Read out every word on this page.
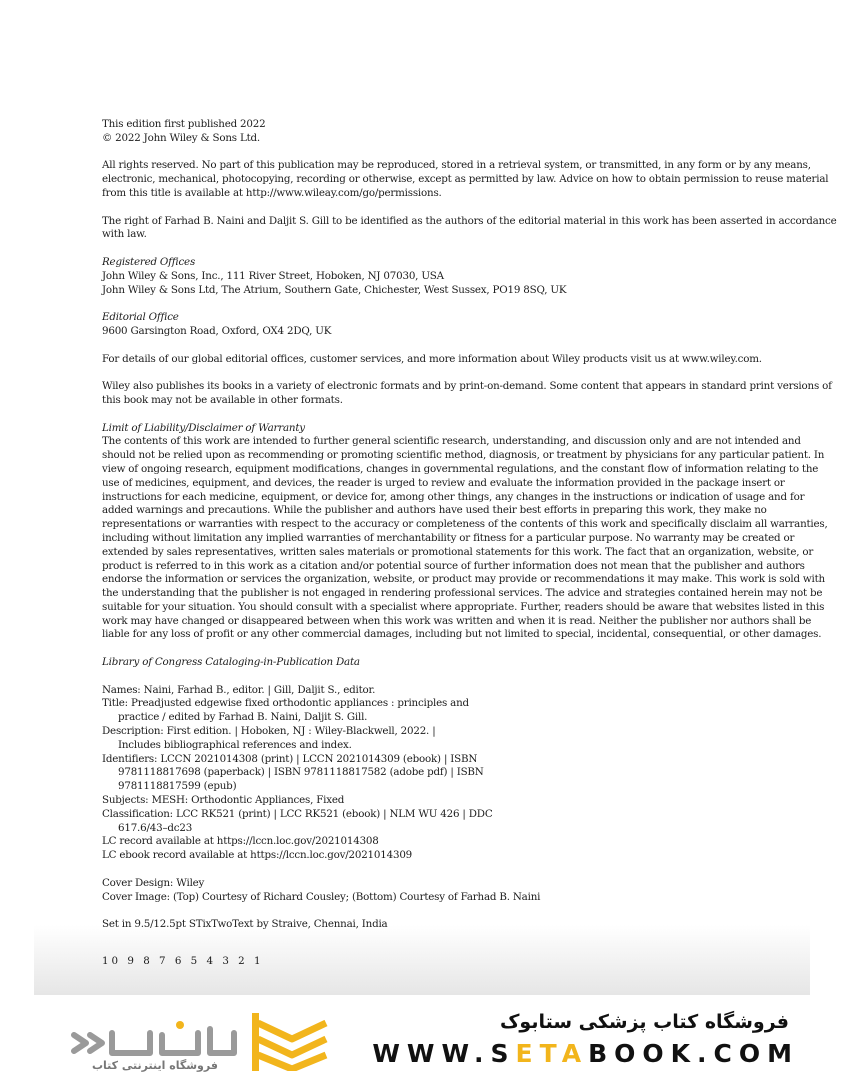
This edition first published 2022
© 2022 John Wiley & Sons Ltd.
All rights reserved. No part of this publication may be reproduced, stored in a retrieval system, or transmitted, in any form or by any means,
electronic, mechanical, photocopying, recording or otherwise, except as permitted by law. Advice on how to obtain permission to reuse material
from this title is available at http://www.wileay.com/go/permissions.
The right of Farhad B. Naini and Daljit S. Gill to be identified as the authors of the editorial material in this work has been asserted in accordance
with law.
Registered Offices
John Wiley & Sons, Inc., 111 River Street, Hoboken, NJ 07030, USA
John Wiley & Sons Ltd, The Atrium, Southern Gate, Chichester, West Sussex, PO19 8SQ, UK
Editorial Office
9600 Garsington Road, Oxford, OX4 2DQ, UK
For details of our global editorial offices, customer services, and more information about Wiley products visit us at www.wiley.com.
Wiley also publishes its books in a variety of electronic formats and by print-on-demand. Some content that appears in standard print versions of
this book may not be available in other formats.
Limit of Liability/Disclaimer of Warranty
The contents of this work are intended to further general scientific research, understanding, and discussion only and are not intended and
should not be relied upon as recommending or promoting scientific method, diagnosis, or treatment by physicians for any particular patient. In
view of ongoing research, equipment modifications, changes in governmental regulations, and the constant flow of information relating to the
use of medicines, equipment, and devices, the reader is urged to review and evaluate the information provided in the package insert or
instructions for each medicine, equipment, or device for, among other things, any changes in the instructions or indication of usage and for
added warnings and precautions. While the publisher and authors have used their best efforts in preparing this work, they make no
representations or warranties with respect to the accuracy or completeness of the contents of this work and specifically disclaim all warranties,
including without limitation any implied warranties of merchantability or fitness for a particular purpose. No warranty may be created or
extended by sales representatives, written sales materials or promotional statements for this work. The fact that an organization, website, or
product is referred to in this work as a citation and/or potential source of further information does not mean that the publisher and authors
endorse the information or services the organization, website, or product may provide or recommendations it may make. This work is sold with
the understanding that the publisher is not engaged in rendering professional services. The advice and strategies contained herein may not be
suitable for your situation. You should consult with a specialist where appropriate. Further, readers should be aware that websites listed in this
work may have changed or disappeared between when this work was written and when it is read. Neither the publisher nor authors shall be
liable for any loss of profit or any other commercial damages, including but not limited to special, incidental, consequential, or other damages.
Library of Congress Cataloging-in-Publication Data
Names: Naini, Farhad B., editor. | Gill, Daljit S., editor.
Title: Preadjusted edgewise fixed orthodontic appliances : principles and
practice / edited by Farhad B. Naini, Daljit S. Gill.
Description: First edition. | Hoboken, NJ : Wiley-Blackwell, 2022. |
Includes bibliographical references and index.
Identifiers: LCCN 2021014308 (print) | LCCN 2021014309 (ebook) | ISBN
9781118817698 (paperback) | ISBN 9781118817582 (adobe pdf) | ISBN
9781118817599 (epub)
Subjects: MESH: Orthodontic Appliances, Fixed
Classification: LCC RK521 (print) | LCC RK521 (ebook) | NLM WU 426 | DDC
617.6/43–dc23
LC record available at https://lccn.loc.gov/2021014308
LC ebook record available at https://lccn.loc.gov/2021014309
Cover Design: Wiley
Cover Image: (Top) Courtesy of Richard Cousley; (Bottom) Courtesy of Farhad B. Naini
Set in 9.5/12.5pt STixTwoText by Straive, Chennai, India
10 9 8 7 6 5 4 3 2 1
فروشگاه اینترنتی کتاب
فروشگاه کتاب پزشکی ستابوک
WWW.SETABOOK.COM
